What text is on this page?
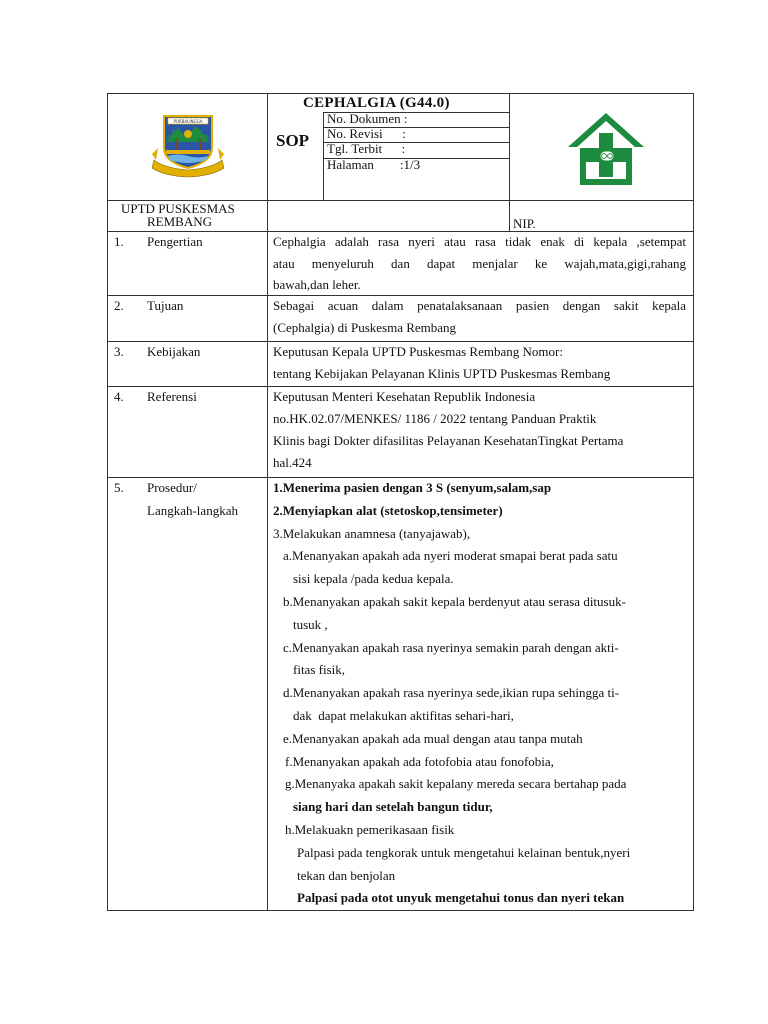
PURBALINGGA
CEPHALGIA (G44.0)
SOP
No. Dokumen :
No. Revisi      :
Tgl. Terbit      :
Halaman        :1/3
UPTD PUSKESMAS
REMBANG	NIP.
1. Pengertian	Cephalgia adalah rasa nyeri atau rasa tidak enak di kepala ,setempat
atau menyeluruh dan dapat menjalar ke wajah,mata,gigi,rahang
bawah,dan leher.
2. Tujuan	Sebagai acuan dalam penatalaksanaan pasien dengan sakit kepala
(Cephalgia) di Puskesma Rembang
3. Kebijakan	Keputusan Kepala UPTD Puskesmas Rembang Nomor:
tentang Kebijakan Pelayanan Klinis UPTD Puskesmas Rembang
4. Referensi	Keputusan Menteri Kesehatan Republik Indonesia
no.HK.02.07/MENKES/ 1186 / 2022 tentang Panduan Praktik
Klinis bagi Dokter difasilitas Pelayanan KesehatanTingkat Pertama
hal.424
5. Prosedur/
Langkah-langkah
1.Menerima pasien dengan 3 S (senyum,salam,sap
2.Menyiapkan alat (stetoskop,tensimeter)
3.Melakukan anamnesa (tanyajawab),
a.Menanyakan apakah ada nyeri moderat smapai berat pada satu
sisi kepala /pada kedua kepala.
b.Menanyakan apakah sakit kepala berdenyut atau serasa ditusuk-
tusuk ,
c.Menanyakan apakah rasa nyerinya semakin parah dengan akti-
fitas fisik,
d.Menanyakan apakah rasa nyerinya sede,ikian rupa sehingga ti-
dak  dapat melakukan aktifitas sehari-hari,
e.Menanyakan apakah ada mual dengan atau tanpa mutah
f.Menanyakan apakah ada fotofobia atau fonofobia,
g.Menanyaka apakah sakit kepalany mereda secara bertahap pada
siang hari dan setelah bangun tidur,
h.Melakuakn pemerikasaan fisik
Palpasi pada tengkorak untuk mengetahui kelainan bentuk,nyeri
tekan dan benjolan
Palpasi pada otot unyuk mengetahui tonus dan nyeri tekan
